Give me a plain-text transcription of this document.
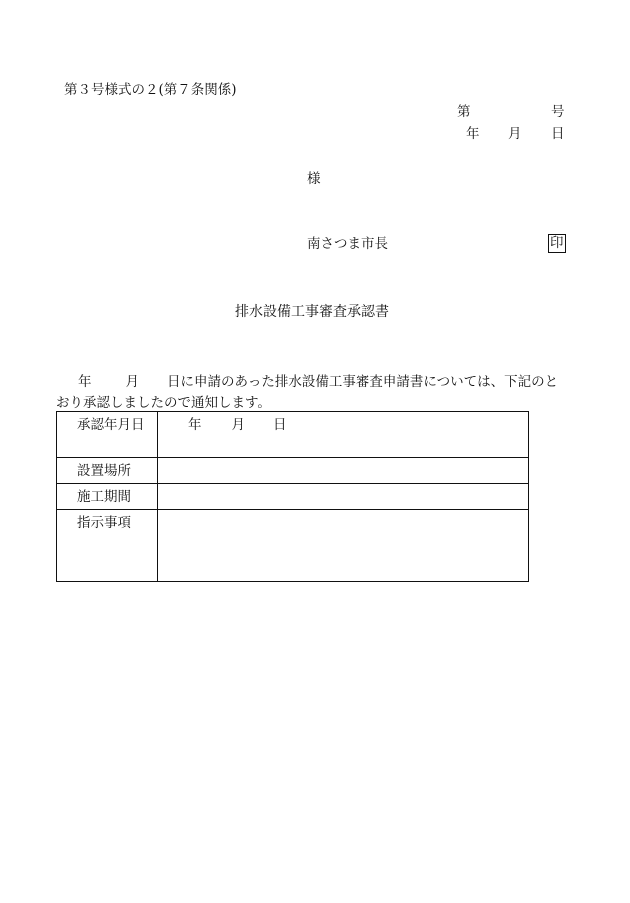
第３号様式の２(第７条関係)
第	号
年 月 日
様
南さつま市長	印
排水設備工事審査承認書
年	月 日に申請のあった排水設備工事審査申請書については、下記のとおり承認しましたので通知します。
承認年月日	年 月 日
設置場所	
施工期間	
指示事項	
